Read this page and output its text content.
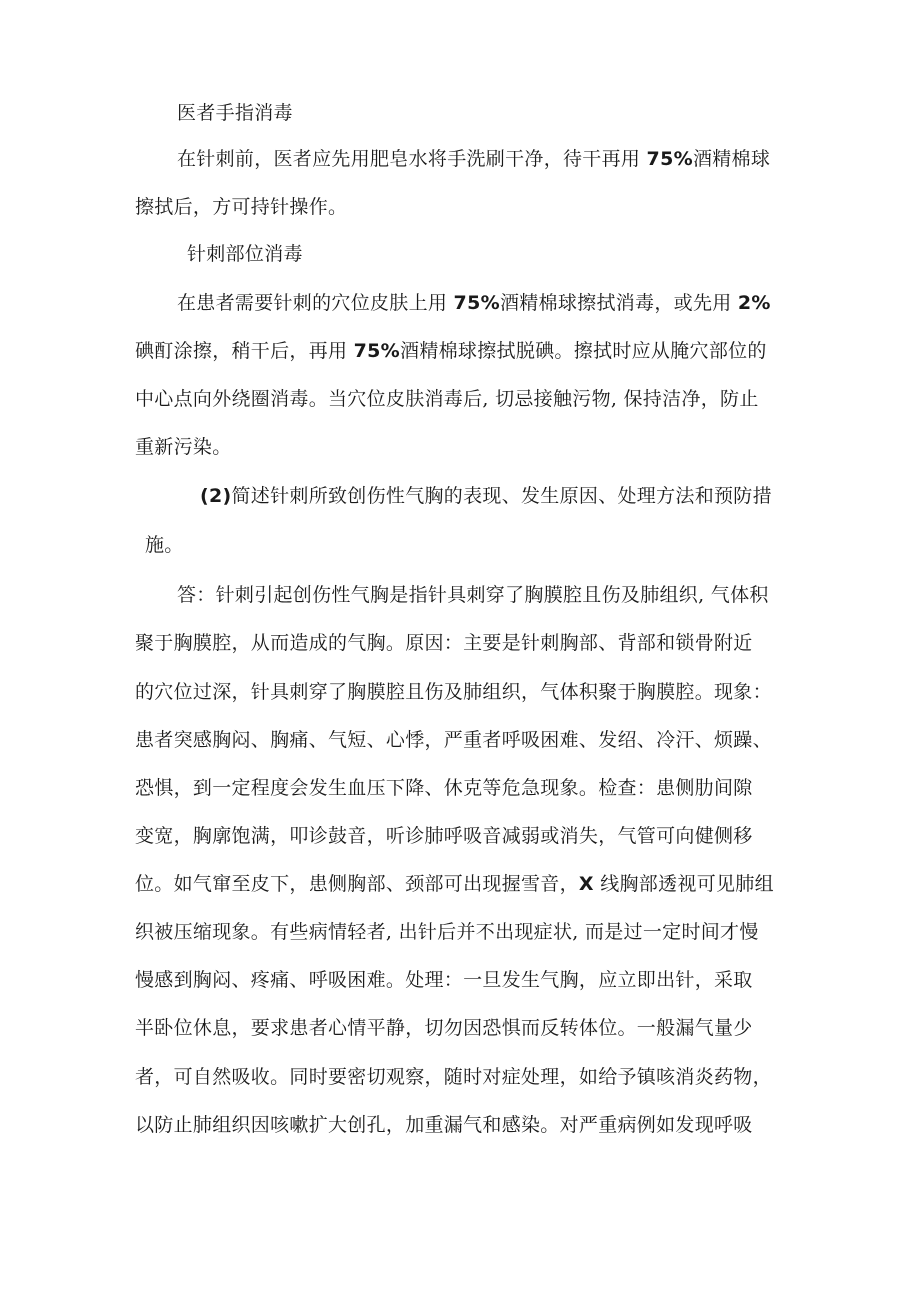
医者手指消毒

在针刺前，医者应先用肥皂水将手洗刷干净，待干再用 75%酒精棉球

擦拭后，方可持针操作。

针刺部位消毒

在患者需要针刺的穴位皮肤上用 75%酒精棉球擦拭消毒，或先用 2%

碘酊涂擦，稍干后，再用 75%酒精棉球擦拭脱碘。擦拭时应从腌穴部位的

中心点向外绕圈消毒。当穴位皮肤消毒后, 切忌接触污物, 保持洁净，防止

重新污染。

(2)简述针刺所致创伤性气胸的表现、发生原因、处理方法和预防措

施。

答：针刺引起创伤性气胸是指针具刺穿了胸膜腔且伤及肺组织, 气体积

聚于胸膜腔，从而造成的气胸。原因：主要是针刺胸部、背部和锁骨附近

的穴位过深，针具刺穿了胸膜腔且伤及肺组织，气体积聚于胸膜腔。现象：

患者突感胸闷、胸痛、气短、心悸，严重者呼吸困难、发绍、冷汗、烦躁、

恐惧，到一定程度会发生血压下降、休克等危急现象。检查：患侧肋间隙

变宽，胸廓饱满，叩诊鼓音，听诊肺呼吸音减弱或消失，气管可向健侧移

位。如气窜至皮下，患侧胸部、颈部可出现握雪音，X 线胸部透视可见肺组

织被压缩现象。有些病情轻者, 出针后并不出现症状, 而是过一定时间才慢

慢感到胸闷、疼痛、呼吸困难。处理：一旦发生气胸，应立即出针，采取

半卧位休息，要求患者心情平静，切勿因恐惧而反转体位。一般漏气量少

者，可自然吸收。同时要密切观察，随时对症处理，如给予镇咳消炎药物，

以防止肺组织因咳嗽扩大创孔，加重漏气和感染。对严重病例如发现呼吸
